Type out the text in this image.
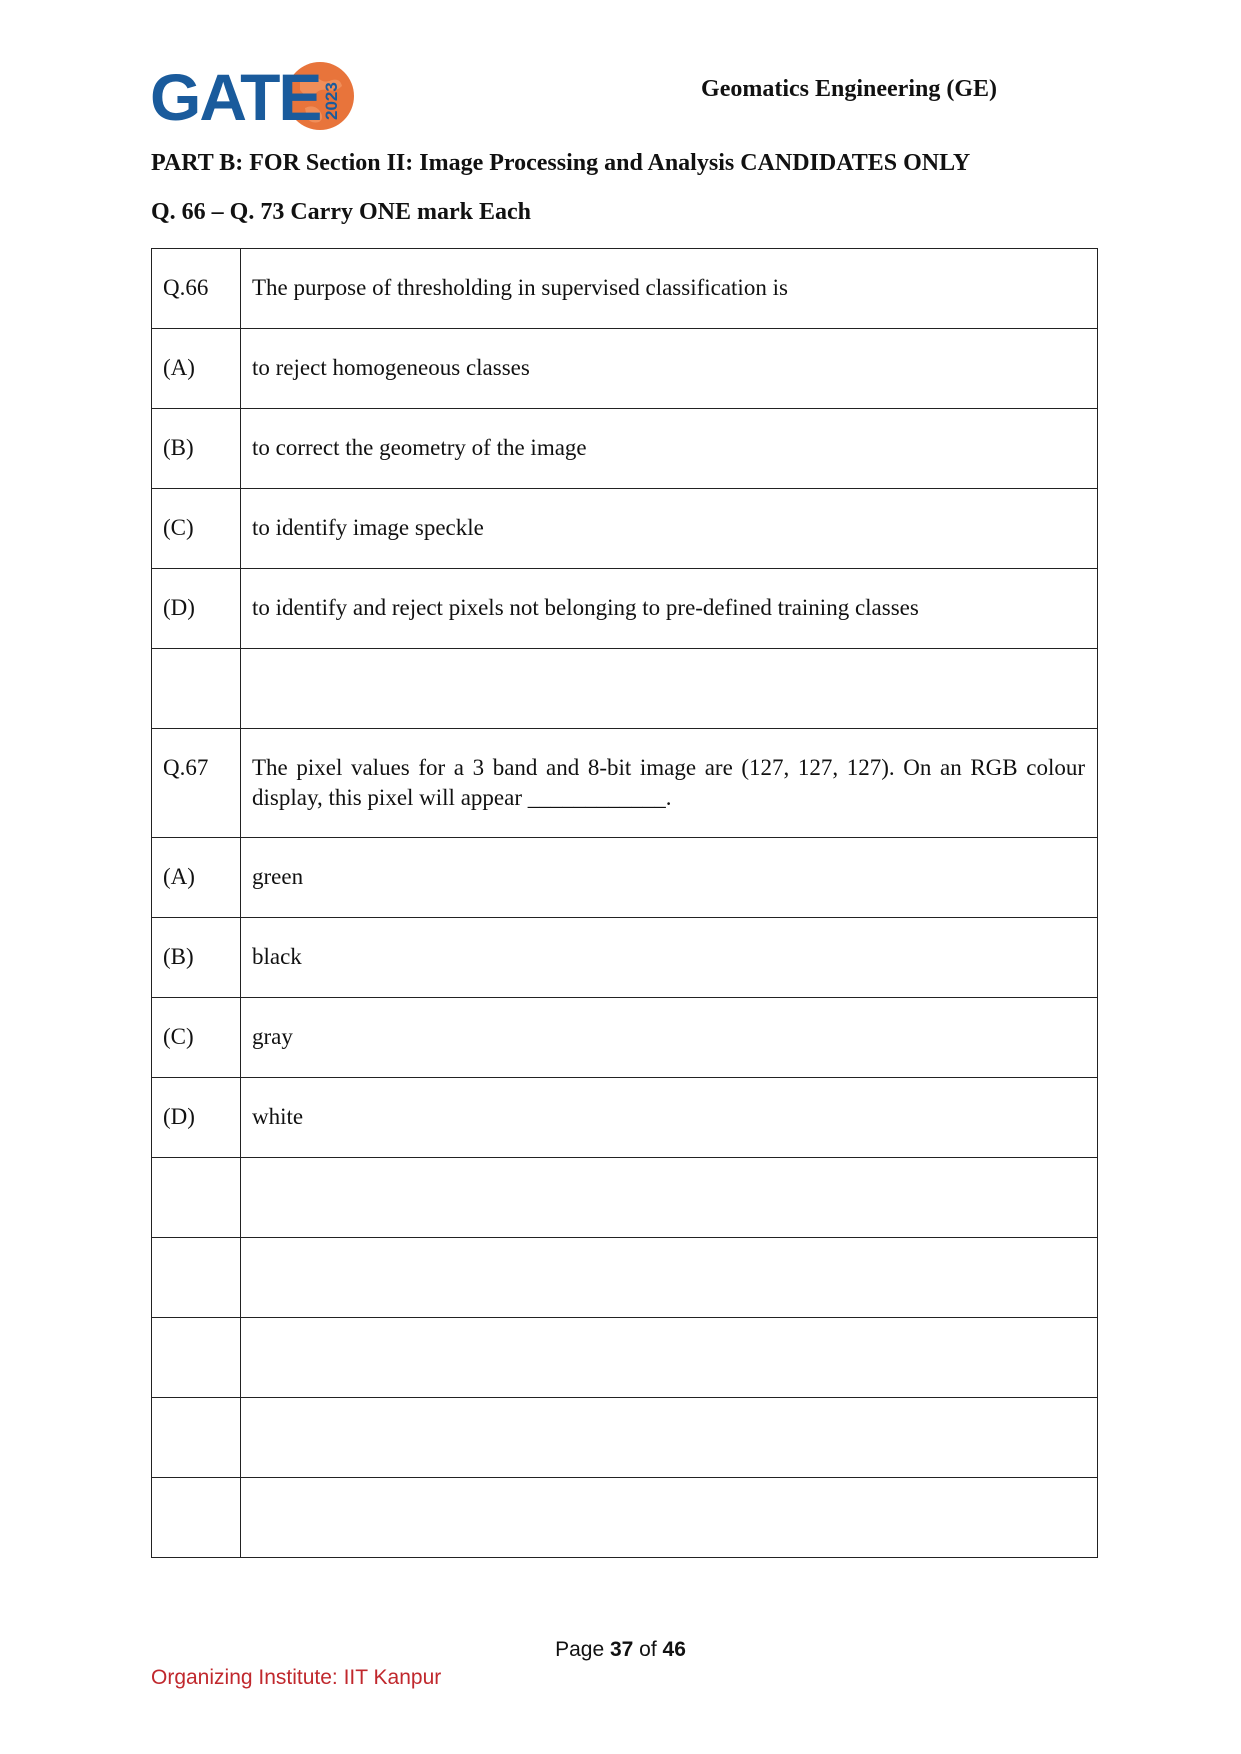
GATE 2023	Geomatics Engineering (GE)
PART B: FOR Section II: Image Processing and Analysis CANDIDATES ONLY
Q. 66 – Q. 73 Carry ONE mark Each
Q.66	The purpose of thresholding in supervised classification is

(A)	to reject homogeneous classes

(B)	to correct the geometry of the image

(C)	to identify image speckle

(D)	to identify and reject pixels not belonging to pre-defined training classes

Q.67	The pixel values for a 3 band and 8-bit image are (127, 127, 127). On an RGB colour display, this pixel will appear ____________.

(A)	green

(B)	black

(C)	gray

(D)	white

Page 37 of 46
Organizing Institute: IIT Kanpur
